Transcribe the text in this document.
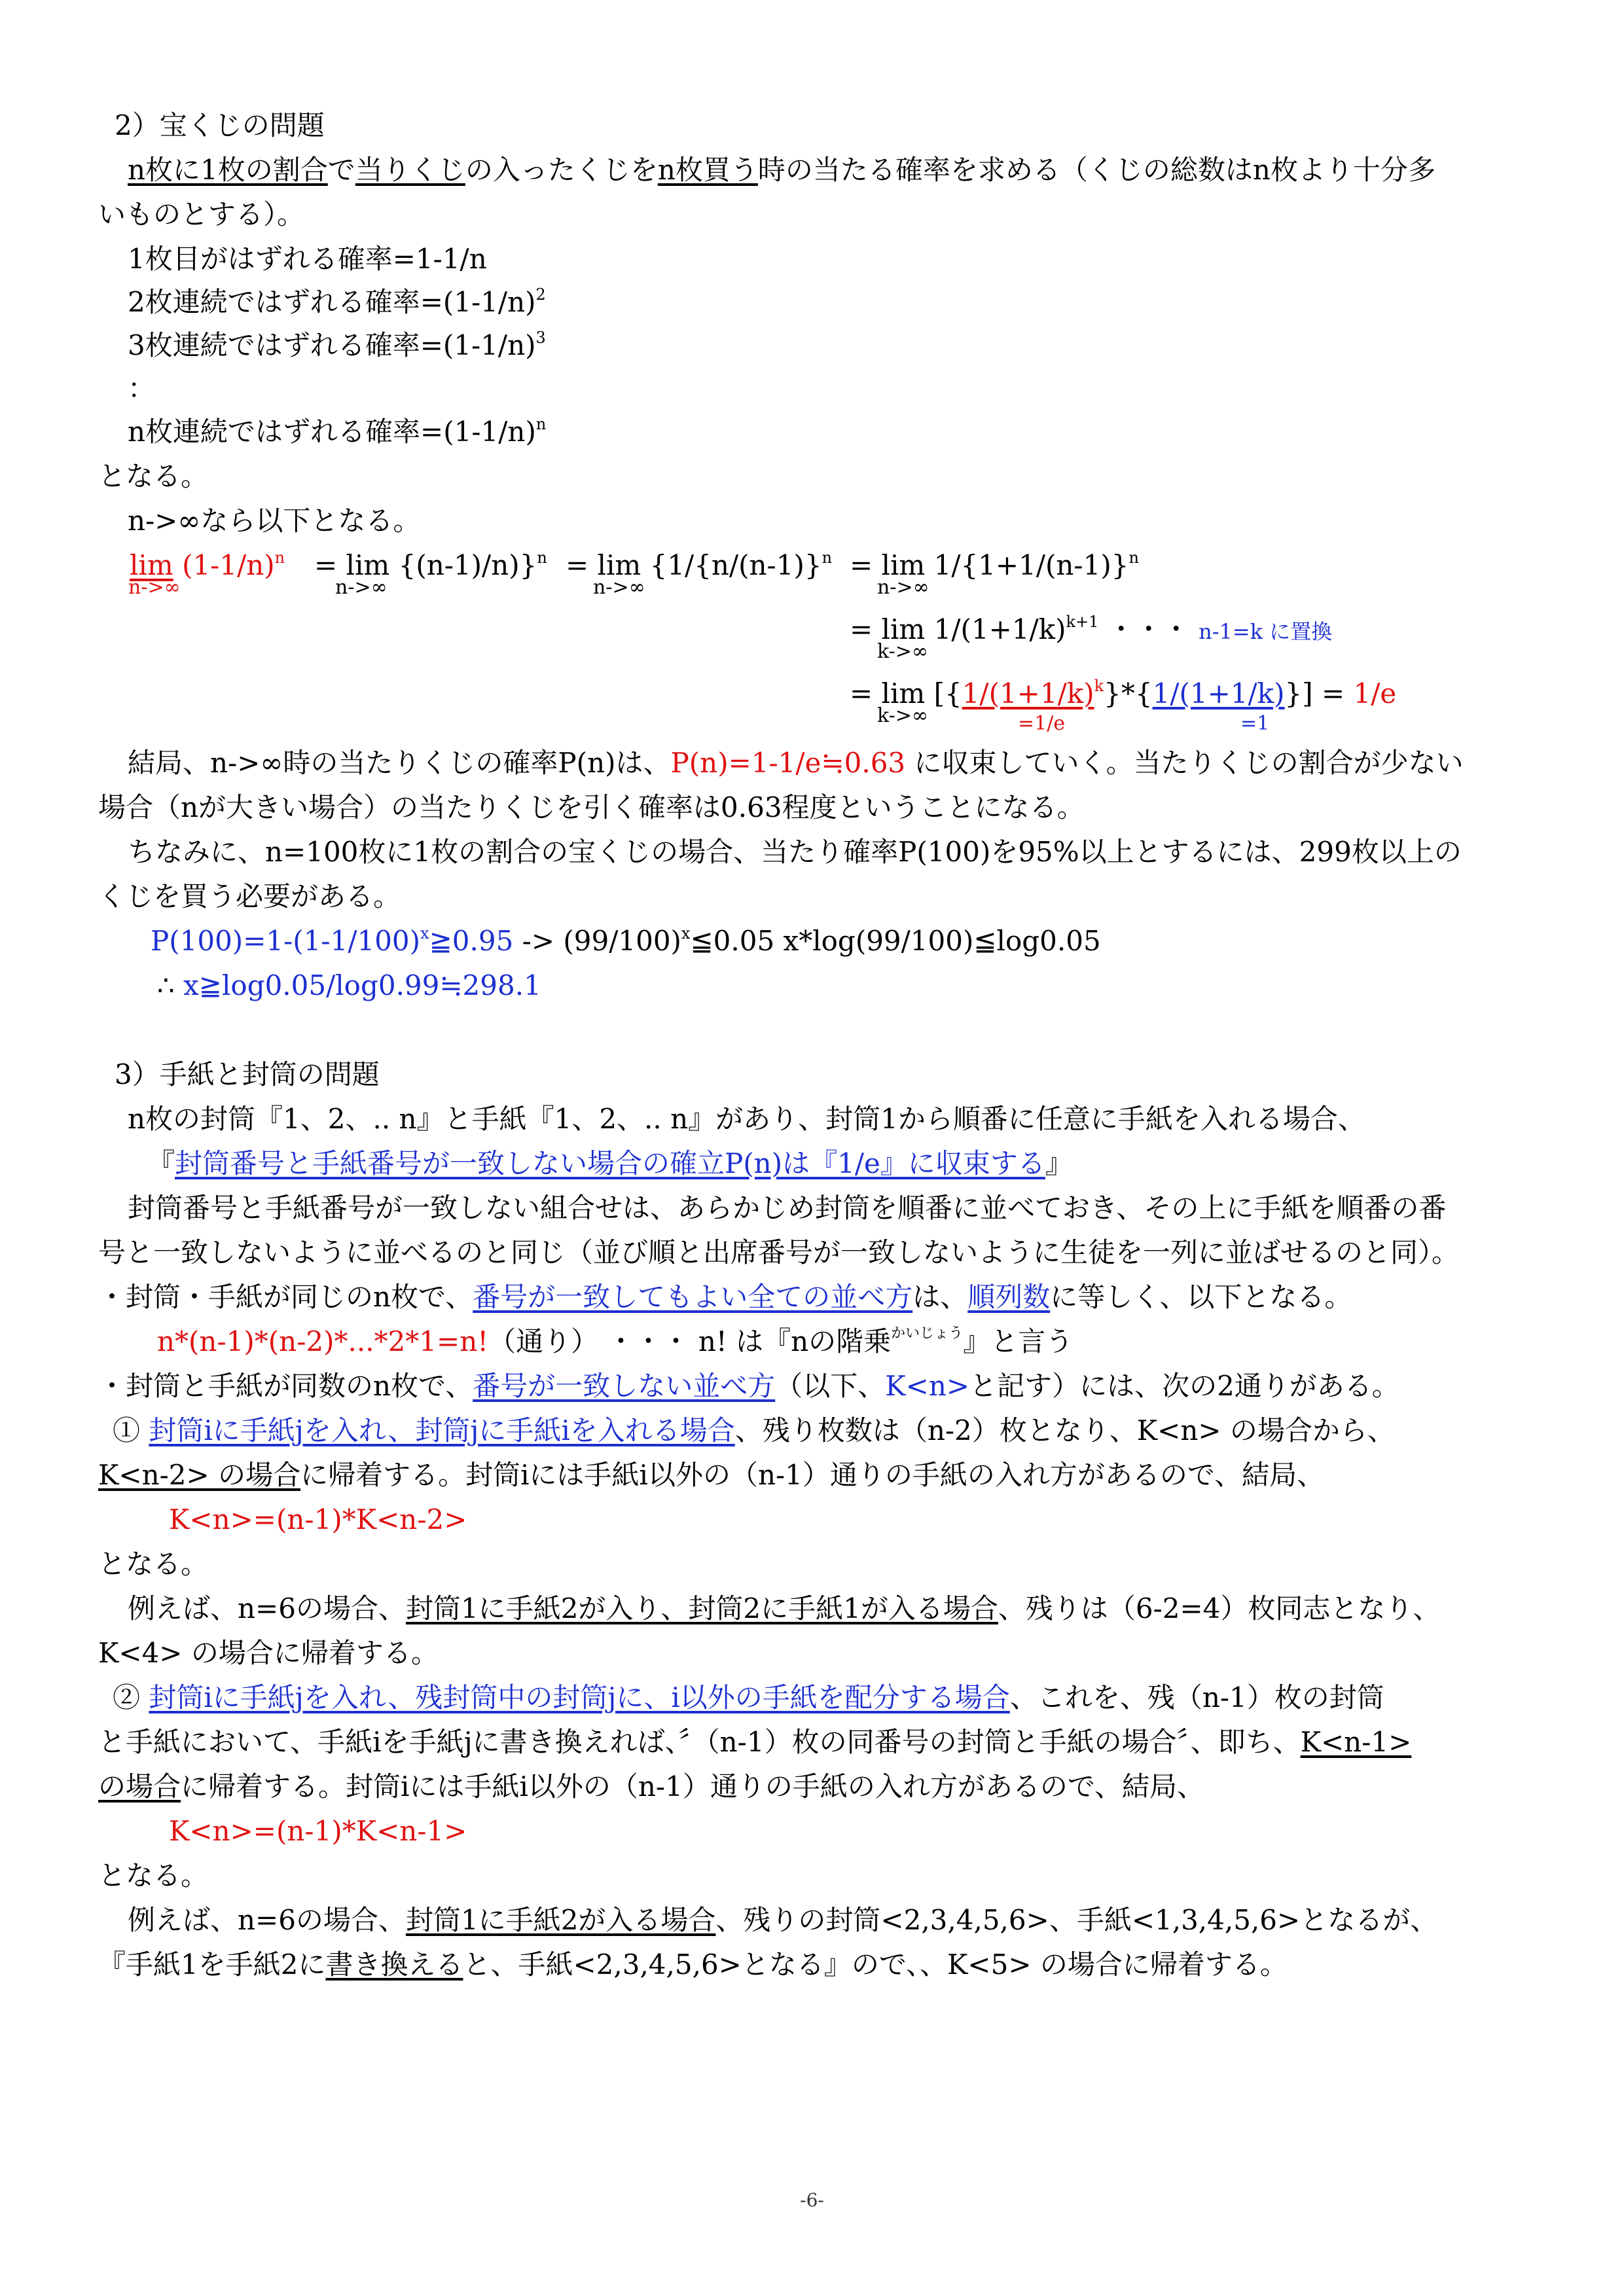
2）宝くじの問題
n枚に1枚の割合で当りくじの入ったくじをn枚買う時の当たる確率を求める（くじの総数はn枚より十分多
いものとする）。
1枚目がはずれる確率=1-1/n
2枚連続ではずれる確率$=(1-1/n)^2$
3枚連続ではずれる確率$=(1-1/n)^3$
：
n枚連続ではずれる確率$=(1-1/n)^n$
となる。
n->∞なら以下となる。
$\lim (1-1/n)^n$
n->∞
= $\lim \{(n-1)/n)\}^n$
n->∞
= $\lim \{1/\{n/(n-1)\}^n$
n->∞
= $\lim 1/\{1+1/(n-1)\}^n$
n->∞
= $\lim 1/(1+1/k)^{k+1}$ ・・・ n-1=k に置換
k->∞
= $\lim [\{1/(1+1/k)^k\}*\{1/(1+1/k)\}] = 1/e$
k->∞	=1/e	=1
結局、n->∞時の当たりくじの確率P(n)は、P(n)=1-1/e≒0.63 に収束していく。当たりくじの割合が少ない
場合（nが大きい場合）の当たりくじを引く確率は0.63程度ということになる。
ちなみに、n=100枚に1枚の割合の宝くじの場合、当たり確率P(100)を95%以上とするには、299枚以上の
くじを買う必要がある。
$P(100)=1-(1-1/100)^x≧0.95$ -> $(99/100)^x≦0.05$ x*log(99/100)≦log0.05
∴ x≧log0.05/log0.99≒298.1
3）手紙と封筒の問題
n枚の封筒『1、2、.. n』と手紙『1、2、.. n』があり、封筒1から順番に任意に手紙を入れる場合、
『封筒番号と手紙番号が一致しない場合の確立P(n)は『1/e』に収束する』
封筒番号と手紙番号が一致しない組合せは、あらかじめ封筒を順番に並べておき、その上に手紙を順番の番
号と一致しないように並べるのと同じ（並び順と出席番号が一致しないように生徒を一列に並ばせるのと同）。
・封筒・手紙が同じのn枚で、番号が一致してもよい全ての並べ方は、順列数に等しく、以下となる。
n*(n-1)*(n-2)*...*2*1=n!（通り） ・・・ n! は『nの階乗$^{かいじょう}$』と言う
・封筒と手紙が同数のn枚で、番号が一致しない並べ方（以下、K<n>と記す）には、次の2通りがある。
① 封筒iに手紙jを入れ、封筒jに手紙iを入れる場合、残り枚数は（n-2）枚となり、K<n> の場合から、
K<n-2> の場合に帰着する。封筒iには手紙i以外の（n-1）通りの手紙の入れ方があるので、結局、
K<n>=(n-1)*K<n-2>
となる。
例えば、n=6の場合、封筒1に手紙2が入り、封筒2に手紙1が入る場合、残りは（6-2=4）枚同志となり、
K<4> の場合に帰着する。
② 封筒iに手紙jを入れ、残封筒中の封筒jに、i以外の手紙を配分する場合、これを、残（n-1）枚の封筒
と手紙において、手紙iを手紙jに書き換えれば、〞（n-1）枚の同番号の封筒と手紙の場合〞、即ち、K<n-1>
の場合に帰着する。封筒iには手紙i以外の（n-1）通りの手紙の入れ方があるので、結局、
K<n>=(n-1)*K<n-1>
となる。
例えば、n=6の場合、封筒1に手紙2が入る場合、残りの封筒<2,3,4,5,6>、手紙<1,3,4,5,6>となるが、
『手紙1を手紙2に書き換えると、手紙<2,3,4,5,6>となる』ので、、K<5> の場合に帰着する。
-6-
